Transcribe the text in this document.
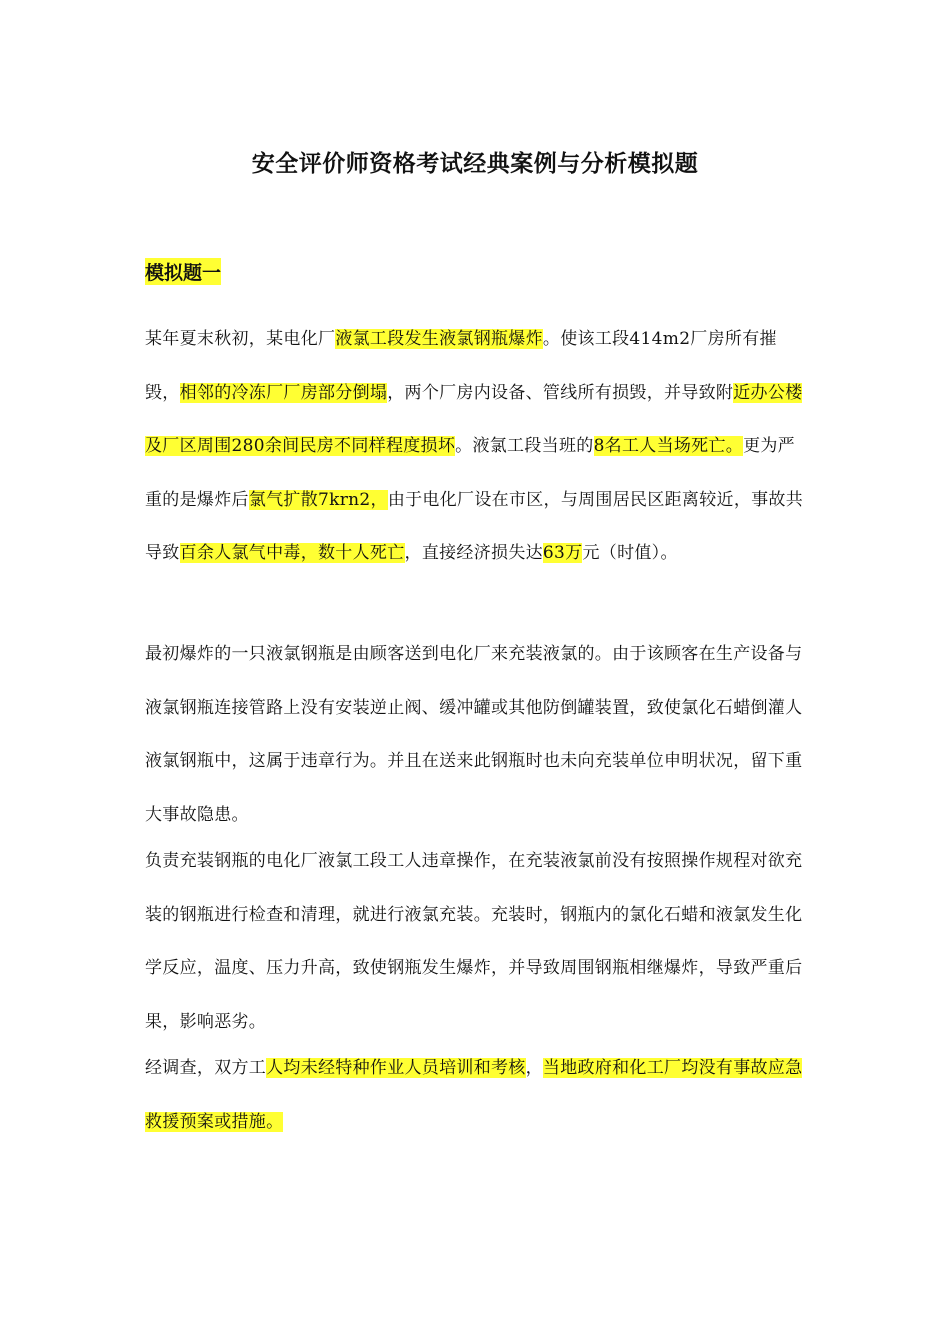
安全评价师资格考试经典案例与分析模拟题
模拟题一

某年夏末秋初，某电化厂液氯工段发生液氯钢瓶爆炸。使该工段414m2厂房所有摧毁，相邻的冷冻厂厂房部分倒塌，两个厂房内设备、管线所有损毁，并导致附近办公楼及厂区周围280余间民房不同样程度损坏。液氯工段当班的8名工人当场死亡。更为严重的是爆炸后氯气扩散7krn2，由于电化厂设在市区，与周围居民区距离较近，事故共导致百余人氯气中毒，数十人死亡，直接经济损失达63万元（时值）。

最初爆炸的一只液氯钢瓶是由顾客送到电化厂来充装液氯的。由于该顾客在生产设备与液氯钢瓶连接管路上没有安装逆止阀、缓冲罐或其他防倒罐装置，致使氯化石蜡倒灌人液氯钢瓶中，这属于违章行为。并且在送来此钢瓶时也未向充装单位申明状况，留下重大事故隐患。

负责充装钢瓶的电化厂液氯工段工人违章操作，在充装液氯前没有按照操作规程对欲充装的钢瓶进行检查和清理，就进行液氯充装。充装时，钢瓶内的氯化石蜡和液氯发生化学反应，温度、压力升高，致使钢瓶发生爆炸，并导致周围钢瓶相继爆炸，导致严重后果，影响恶劣。

经调查，双方工人均未经特种作业人员培训和考核，当地政府和化工厂均没有事故应急救援预案或措施。
